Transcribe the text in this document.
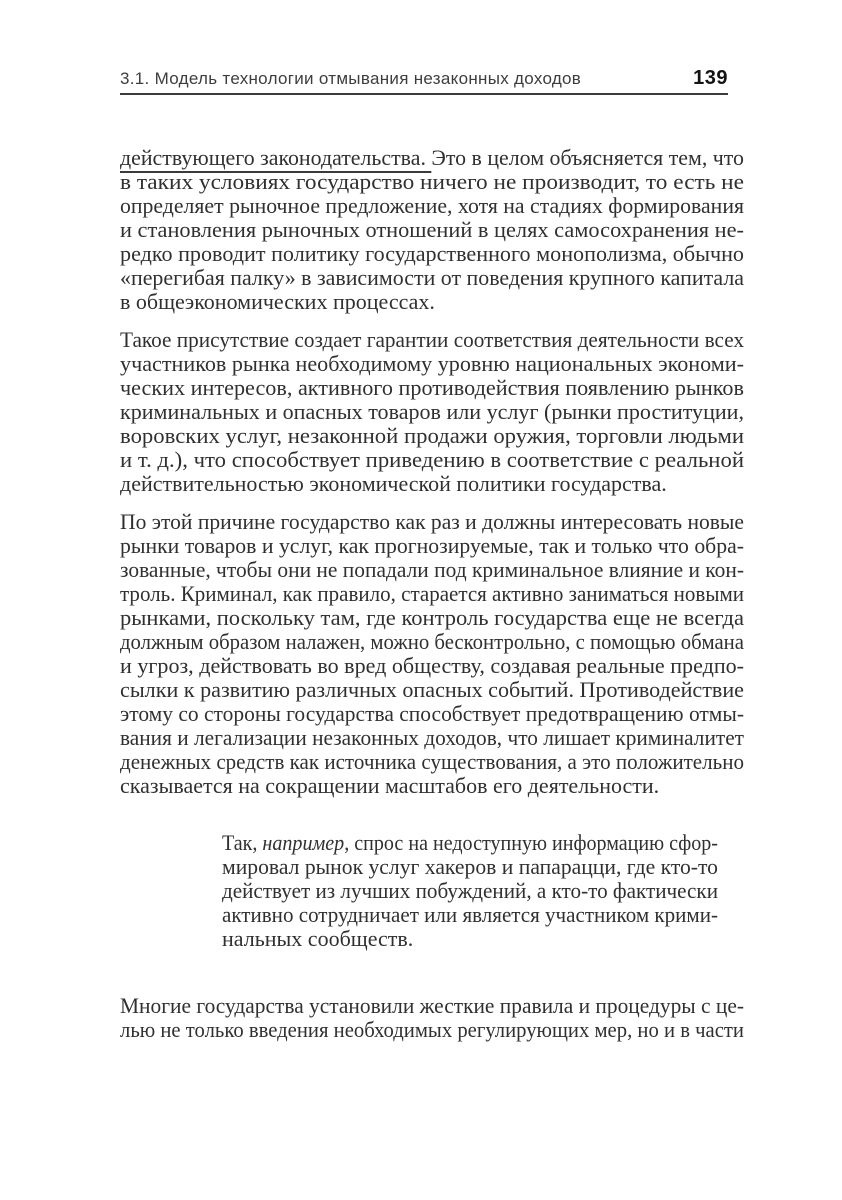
3.1. Модель технологии отмывания незаконных доходов	139
действующего законодательства. Это в целом объясняется тем, что
в таких условиях государство ничего не производит, то есть не
определяет рыночное предложение, хотя на стадиях формирования
и становления рыночных отношений в целях самосохранения не-
редко проводит политику государственного монополизма, обычно
«перегибая палку» в зависимости от поведения крупного капитала
в общеэкономических процессах.
Такое присутствие создает гарантии соответствия деятельности всех
участников рынка необходимому уровню национальных экономи-
ческих интересов, активного противодействия появлению рынков
криминальных и опасных товаров или услуг (рынки проституции,
воровских услуг, незаконной продажи оружия, торговли людьми
и т. д.), что способствует приведению в соответствие с реальной
действительностью экономической политики государства.
По этой причине государство как раз и должны интересовать новые
рынки товаров и услуг, как прогнозируемые, так и только что обра-
зованные, чтобы они не попадали под криминальное влияние и кон-
троль. Криминал, как правило, старается активно заниматься новыми
рынками, поскольку там, где контроль государства еще не всегда
должным образом налажен, можно бесконтрольно, с помощью обмана
и угроз, действовать во вред обществу, создавая реальные предпо-
сылки к развитию различных опасных событий. Противодействие
этому со стороны государства способствует предотвращению отмы-
вания и легализации незаконных доходов, что лишает криминалитет
денежных средств как источника существования, а это положительно
сказывается на сокращении масштабов его деятельности.
Так, например, спрос на недоступную информацию сфор-
мировал рынок услуг хакеров и папарацци, где кто-то
действует из лучших побуждений, а кто-то фактически
активно сотрудничает или является участником крими-
нальных сообществ.
Многие государства установили жесткие правила и процедуры с це-
лью не только введения необходимых регулирующих мер, но и в части
